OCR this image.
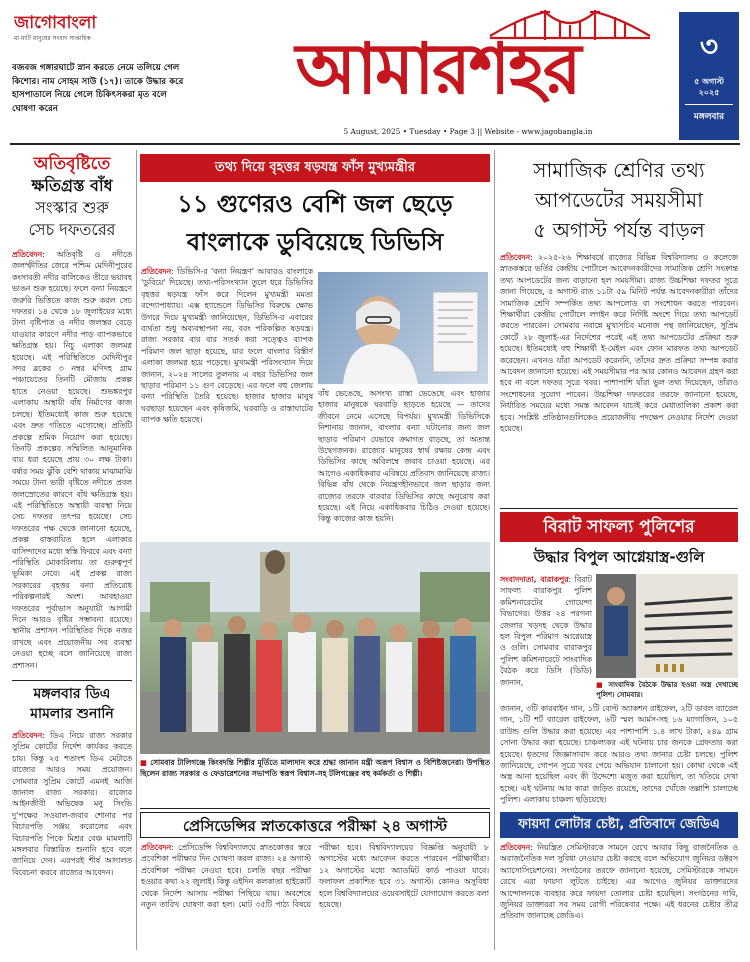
জাগোবাংলা
মা মাটি মানুষের সংবাদ সাপ্তাহিক
বজবজ গঙ্গারঘাটে স্নান করতে নেমে তলিয়ে গেল কিশোর। নাম সোহম সাউ (১৭)। তাকে উদ্ধার করে হাসপাতালে নিয়ে গেলে চিকিৎসকরা মৃত বলে ঘোষণা করেন	আমারশহর
5 August, 2025 • Tuesday • Page 3 || Website - www.jagobangla.in
৩
৫ অগাস্ট ২০২৫
মঙ্গলবার
অতিবৃষ্টিতে
ক্ষতিগ্রস্ত বাঁধ
সংস্কার শুরু
সেচ দফতরের
প্রতিবেদন: অতিবৃষ্টি ও নদীতে জলস্ফীতির জেরে পশ্চিম মেদিনীপুরের কংসাবতী নদীর বালিকেও তীরে ভয়াবহ ভাঙন শুরু হয়েছে। ফলে বন্যা নিয়ন্ত্রণে জরুরি ভিত্তিতে কাজ শুরু করল সেচ দফতর। ১৪ থেকে ১৮ জুলাইয়ের মধ্যে টানা বৃষ্টিপাত ও নদীর জলস্তর বেড়ে যাওয়ার কারণে নদীর পাড় ব্যাপকভাবে ক্ষতিগ্রস্ত হয়। নিচু এলাকা জলমগ্ন হয়েছে। এই পরিস্থিতিতে মেদিনীপুর সদর ব্লকের ৩ নম্বর মণিদহ গ্রাম পঞ্চায়েতের তিনটি মৌজায় প্রকল্প হাতে নেওয়া হয়েছে। শুভঙ্করপুর এলাকায় অস্থায়ী বাঁধ নির্মাণের কাজ চলছে। ইতিমধ্যেই কাজ শুরু হয়েছে এবং দ্রুত গতিতে এগোচ্ছে। প্রতিটি প্রকল্পে শ্রমিক নিয়োগ করা হয়েছে। তিনটি প্রকল্পের সম্মিলিত আনুমানিক ব্যয় ধরা হয়েছে প্রায় ৩০ লক্ষ টাকা। বর্ষার সময় ঝুঁকি বেশি থাকায় মাঝামাঝি সময়ে টানা ভারী বৃষ্টিতে নদীতে প্রবল জলস্রোতের কারণে বাঁধ ক্ষতিগ্রস্ত হয়। এই পরিস্থিতিতে অস্থায়ী ব্যবস্থা নিয়ে সেচ দফতর তৎপর হয়েছে। সেচ দফতরের পক্ষ থেকে জানানো হয়েছে, প্রকল্প বাস্তবায়িত হলে এলাকার বাসিন্দাদের মধ্যে স্বস্তি ফিরবে এবং বন্যা পরিস্থিতি মোকাবিলায় তা গুরুত্বপূর্ণ ভূমিকা নেবে। এই প্রকল্প রাজ্য সরকারের বৃহত্তর বন্যা প্রতিরোধ পরিকল্পনারই অংশ। আবহাওয়া দফতরের পূর্বাভাস অনুযায়ী আগামী দিনে আরও বৃষ্টির সম্ভাবনা রয়েছে। স্থানীয় প্রশাসন পরিস্থিতির দিকে নজর রাখছে এবং প্রয়োজনীয় সব ব্যবস্থা নেওয়া হচ্ছে বলে জানিয়েছে রাজ্য প্রশাসন।
মঙ্গলবার ডিএ
মামলার শুনানি
প্রতিবেদন: ডিএ নিয়ে রাজ্য সরকার সুপ্রিম কোর্টের নির্দেশ কার্যকর করতে চায়। কিন্তু ২৫ শতাংশ ডিএ মেটাতে রাজ্যের আরও সময় প্রয়োজন। সোমবার সুপ্রিম কোর্টে এমনই আর্জি জানাল রাজ্য সরকার। রাজ্যের আইনজীবী অভিষেক মনু সিংভি দু'পক্ষের সওয়াল-জবাব শোনার পর বিচারপতি সঞ্জয় করোলের এবং বিচারপতি পিকে মিশ্রর বেঞ্চ মামলাটি মঙ্গলবার বিস্তারিত শুনানি হবে বলে জানিয়ে দেন। এরপরই শীর্ষ আদালত বিবেচনা করবে রাজ্যের আবেদন।
তথ্য দিয়ে বৃহত্তর ষড়যন্ত্র ফাঁস মুখ্যমন্ত্রীর
১১ গুণেরও বেশি জল ছেড়ে
বাংলাকে ডুবিয়েছে ডিভিসি
প্রতিবেদন: ডিভিসি-র 'বন্যা নিয়ন্ত্রণ' আবারও বাংলাকে 'ডুবিয়ে' দিয়েছে। তথ্য-পরিসংখ্যান তুলে ধরে ডিভিসির বৃহত্তর ষড়যন্ত্র ফাঁস করে দিলেন মুখ্যমন্ত্রী মমতা বন্দ্যোপাধ্যায়। এক্স হ্যান্ডেলে ডিভিসির বিরুদ্ধে ক্ষোভ উগরে দিয়ে মুখ্যমন্ত্রী জানিয়েছেন, ডিভিসি-র এবারের ব্যর্থতা শুধু অব্যবস্থাপনা নয়, বরং পরিকল্পিত ষড়যন্ত্র। রাজ্য সরকার বার বার সতর্ক করা সত্ত্বেও ব্যাপক পরিমাণ জল ছাড়া হয়েছে, যার ফলে বাংলার বিস্তীর্ণ এলাকা জলমগ্ন হয়ে পড়েছে। মুখ্যমন্ত্রী পরিসংখ্যান দিয়ে জানান, ২০২৪ সালের তুলনায় এ বছর ডিভিসির জল ছাড়ার পরিমাণ ১১ গুণ বেড়েছে। এর ফলে বহু জেলায় বন্যা পরিস্থিতি তৈরি হয়েছে। হাজার হাজার মানুষ ঘরছাড়া হয়েছেন এবং কৃষিজমি, ঘরবাড়ি ও রাস্তাঘাটের ব্যাপক ক্ষতি হয়েছে।
বাঁধ ভেঙেছে, অসংখ্য রাস্তা ভেঙেছে এবং হাজার হাজার মানুষকে ঘরবাড়ি ছাড়তে হয়েছে — তাদের জীবনে নেমে এসেছে বিপর্যয়। মুখ্যমন্ত্রী ডিভিসিকে নিশানায় জানান, বাংলার বন্যা ঘটানোর জন্য জল ছাড়ার পরিমাণ যেভাবে ক্রমাগত বাড়ছে, তা অত্যন্ত উদ্বেগজনক। রাজ্যের মানুষের স্বার্থ রক্ষায় কেন্দ্র এবং ডিভিসির কাছে অবিলম্বে জবাব চাওয়া হয়েছে। এর আগেও একাধিকবার এবিষয়ে প্রতিবাদ জানিয়েছে রাজ্য। বিভিন্ন বাঁধ থেকে নিয়ন্ত্রণহীনভাবে জল ছাড়ার জন্য রাজ্যের তরফে বারবার ডিভিসির কাছে অনুরোধ করা হয়েছে। এই নিয়ে একাধিকবার চিঠিও দেওয়া হয়েছে। কিন্তু কাজের কাজ হয়নি।
■ সোমবার টালিগঞ্জে কিংবদন্তি শিল্পীর মূর্তিতে মাল্যদান করে শ্রদ্ধা জানান মন্ত্রী অরূপ বিশ্বাস ও বিশিষ্টজনেরা। উপস্থিত ছিলেন রাজ্য সরকার ও ফেডারেশনের সভাপতি স্বরূপ বিশ্বাস-সহ টলিগঞ্জের বহু কর্মকর্তা ও শিল্পী।
প্রেসিডেন্সির স্নাতকোত্তরে পরীক্ষা ২৪ অগাস্ট
প্রতিবেদন: প্রেসিডেন্সি বিশ্ববিদ্যালয়ে স্নাতকোত্তর স্তরে প্রবেশিকা পরীক্ষার দিন ঘোষণা করল রাজ্য। ২৪ অগাস্ট প্রবেশিকা পরীক্ষা নেওয়া হবে। চলতি বছর পরীক্ষা হওয়ার কথা ২২ জুলাই। কিন্তু ওইদিন কলকাতা হাইকোর্ট থেকে নির্দেশ আসায় পরীক্ষা পিছিয়ে যায়। অবশেষে নতুন তারিখ ঘোষণা করা হল। মোট ৩৫টি পাঠ্য বিষয়ে পরীক্ষা হবে। বিশ্ববিদ্যালয়ের বিজ্ঞপ্তি অনুযায়ী ৮ অগাস্টের মধ্যে আবেদন করতে পারবেন পরীক্ষার্থীরা। ১২ অগাস্টের মধ্যে অ্যাডমিট কার্ড পাওয়া যাবে। ফলাফল প্রকাশিত হবে ৩১ অগাস্ট। কোনও অসুবিধা হলে বিশ্ববিদ্যালয়ের ওয়েবসাইটে যোগাযোগ করতে বলা হয়েছে।
সামাজিক শ্রেণির তথ্য
আপডেটের সময়সীমা
৫ অগাস্ট পর্যন্ত বাড়ল
প্রতিবেদন: ২০২৫-২৬ শিক্ষাবর্ষে রাজ্যের বিভিন্ন বিশ্ববিদ্যালয় ও কলেজে স্নাতকস্তরে ভর্তির কেন্দ্রীয় পোর্টালে আবেদনকারীদের সামাজিক শ্রেণি সংক্রান্ত তথ্য আপডেটের জন্য বাড়ানো হল সময়সীমা। রাজ্য উচ্চশিক্ষা দফতর সূত্রে জানা গিয়েছে, ৫ অগাস্ট রাত ১১টা ৫৯ মিনিট পর্যন্ত আবেদনকারীরা তাঁদের সামাজিক শ্রেণি সম্পর্কিত তথ্য আপলোড বা সংশোধন করতে পারবেন। শিক্ষার্থীরা কেন্দ্রীয় পোর্টালে লগইন করে নির্দিষ্ট অংশে গিয়ে তথ্য আপডেট করতে পারবেন। সোমবার নবান্নে মুখ্যসচিব মনোজ পন্থ জানিয়েছেন, সুপ্রিম কোর্টে ২৮ জুলাই-এর নির্দেশের পরেই এই তথ্য আপডেটের প্রক্রিয়া শুরু হয়েছে। ইতিমধ্যেই বহু শিক্ষার্থী ই-মেইল এবং ফোন মারফত তথ্য আপডেট করেছেন। এখনও যাঁরা আপডেট করেননি, তাঁদের দ্রুত প্রক্রিয়া সম্পন্ন করার আবেদন জানানো হয়েছে। এই সময়সীমার পর আর কোনও আবেদন গ্রহণ করা হবে না বলে দফতর সূত্রে খবর। পাশাপাশি যাঁরা ভুল তথ্য দিয়েছেন, তাঁরাও সংশোধনের সুযোগ পাবেন। উচ্চশিক্ষা দফতরের তরফে জানানো হয়েছে, নির্ধারিত সময়ের মধ্যে সমস্ত আবেদন যাচাই করে মেধাতালিকা প্রকাশ করা হবে। সংশ্লিষ্ট প্রতিষ্ঠানগুলিকেও প্রয়োজনীয় পদক্ষেপ নেওয়ার নির্দেশ দেওয়া হয়েছে।
বিরাট সাফল্য পুলিশের
উদ্ধার বিপুল আগ্নেয়াস্ত্র-গুলি
সংবাদদাতা, বারাকপুর: বিরাট সাফল্য বারাকপুর পুলিশ কমিশনারেটের গোয়েন্দা বিভাগের। উত্তর ২৪ পরগনা জেলার খড়দহ থেকে উদ্ধার হল বিপুল পরিমাণ আগ্নেয়াস্ত্র ও গুলি। সোমবার বারাকপুর পুলিশ কমিশনারেটে সাংবাদিক বৈঠক করে ডিসি (ডিডি) জানান,	■ সাংবাদিক বৈঠকে উদ্ধার হওয়া অস্ত্র দেখাচ্ছে পুলিশ। সোমবার।
জানান, ৩টি কারবাইন গান, ১টি বোল্ট অ্যাকশন রাইফেল, ২টি ডাবল ব্যারেল গান, ১টি শর্ট ব্যারেল রাইফেল, ৬টি স্মল আর্মস-সহ ১৬ ম্যাগাজিন, ১০৫ রাউন্ড গুলি উদ্ধার করা হয়েছে। এর পাশাপাশি ১.৪ লাখ টাকা, ২৪৯ গ্রাম সোনা উদ্ধার করা হয়েছে। চাঞ্চল্যকর এই ঘটনায় চার জনকে গ্রেফতার করা হয়েছে। ধৃতদের জিজ্ঞাসাবাদ করে আরও তথ্য জানার চেষ্টা চলছে। পুলিশ জানিয়েছে, গোপন সূত্রে খবর পেয়ে অভিযান চালানো হয়। কোথা থেকে এই অস্ত্র আনা হয়েছিল এবং কী উদ্দেশ্যে মজুত করা হয়েছিল, তা খতিয়ে দেখা হচ্ছে। এই ঘটনায় আর কারা জড়িত রয়েছে, তাদের খোঁজে তল্লাশি চালাচ্ছে পুলিশ। এলাকায় চাঞ্চল্য ছড়িয়েছে।
ফায়দা লোটার চেষ্টা, প্রতিবাদে জেডিএ
প্রতিবেদন: নিয়ন্ত্রিত সেমিস্টারকে সামনে রেখে আবার কিছু রাজনৈতিক ও অরাজনৈতিক দল সুবিধা নেওয়ার চেষ্টা করছে বলে অভিযোগ জুনিয়র ডক্টরস অ্যাসোসিয়েশনের। সংগঠনের তরফে জানানো হয়েছে, সেমিস্টারকে সামনে রেখে এরা ফায়দা লুটতে চাইছে। এর আগেও জুনিয়র ডাক্তারদের আন্দোলনকে ব্যবহার করে ফায়দা তোলার চেষ্টা হয়েছিল। সংগঠনের দাবি, জুনিয়র ডাক্তাররা সব সময় রোগী পরিষেবার পক্ষে। এই ধরনের চেষ্টার তীব্র প্রতিবাদ জানাচ্ছে জেডিএ।
